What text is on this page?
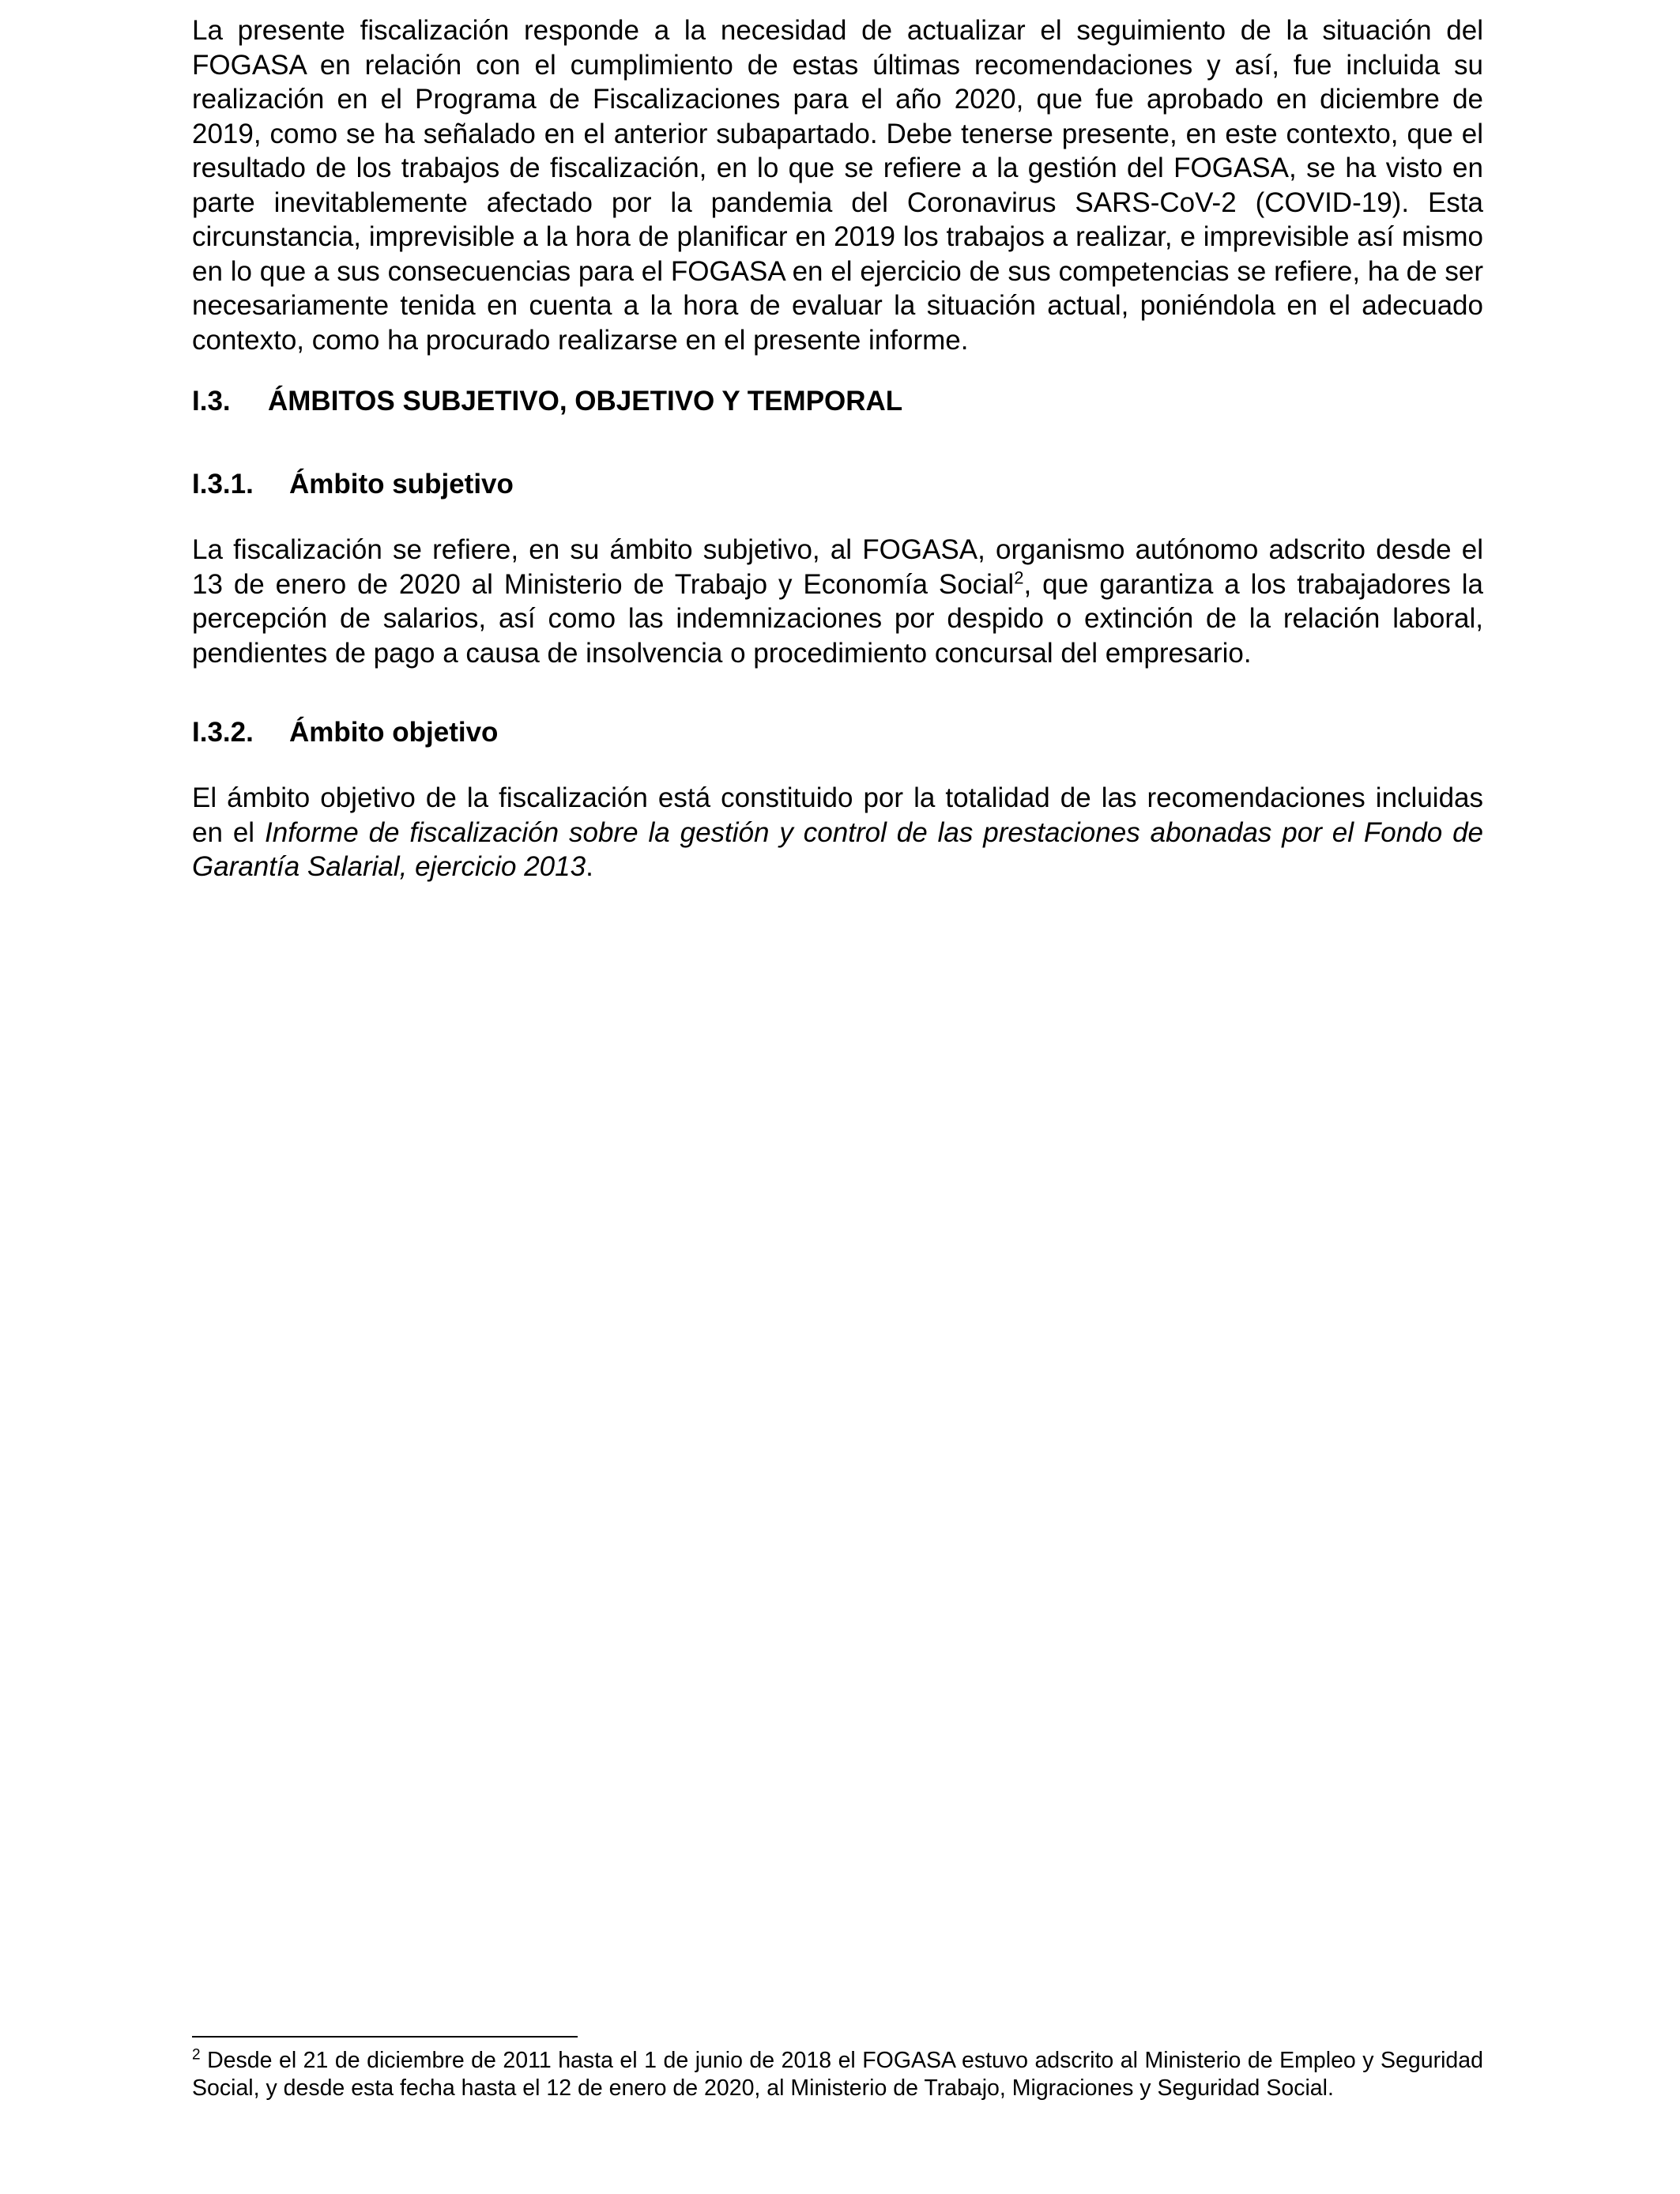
La presente fiscalización responde a la necesidad de actualizar el seguimiento de la situación del FOGASA en relación con el cumplimiento de estas últimas recomendaciones y así, fue incluida su realización en el Programa de Fiscalizaciones para el año 2020, que fue aprobado en diciembre de 2019, como se ha señalado en el anterior subapartado. Debe tenerse presente, en este contexto, que el resultado de los trabajos de fiscalización, en lo que se refiere a la gestión del FOGASA, se ha visto en parte inevitablemente afectado por la pandemia del Coronavirus SARS-CoV-2 (COVID-19). Esta circunstancia, imprevisible a la hora de planificar en 2019 los trabajos a realizar, e imprevisible así mismo en lo que a sus consecuencias para el FOGASA en el ejercicio de sus competencias se refiere, ha de ser necesariamente tenida en cuenta a la hora de evaluar la situación actual, poniéndola en el adecuado contexto, como ha procurado realizarse en el presente informe.

I.3. ÁMBITOS SUBJETIVO, OBJETIVO Y TEMPORAL
I.3.1. Ámbito subjetivo

La fiscalización se refiere, en su ámbito subjetivo, al FOGASA, organismo autónomo adscrito desde el 13 de enero de 2020 al Ministerio de Trabajo y Economía Social$^2$, que garantiza a los trabajadores la percepción de salarios, así como las indemnizaciones por despido o extinción de la relación laboral, pendientes de pago a causa de insolvencia o procedimiento concursal del empresario.

I.3.2. Ámbito objetivo

El ámbito objetivo de la fiscalización está constituido por la totalidad de las recomendaciones incluidas en el Informe de fiscalización sobre la gestión y control de las prestaciones abonadas por el Fondo de Garantía Salarial, ejercicio 2013.

$^2$ Desde el 21 de diciembre de 2011 hasta el 1 de junio de 2018 el FOGASA estuvo adscrito al Ministerio de Empleo y Seguridad Social, y desde esta fecha hasta el 12 de enero de 2020, al Ministerio de Trabajo, Migraciones y Seguridad Social.
